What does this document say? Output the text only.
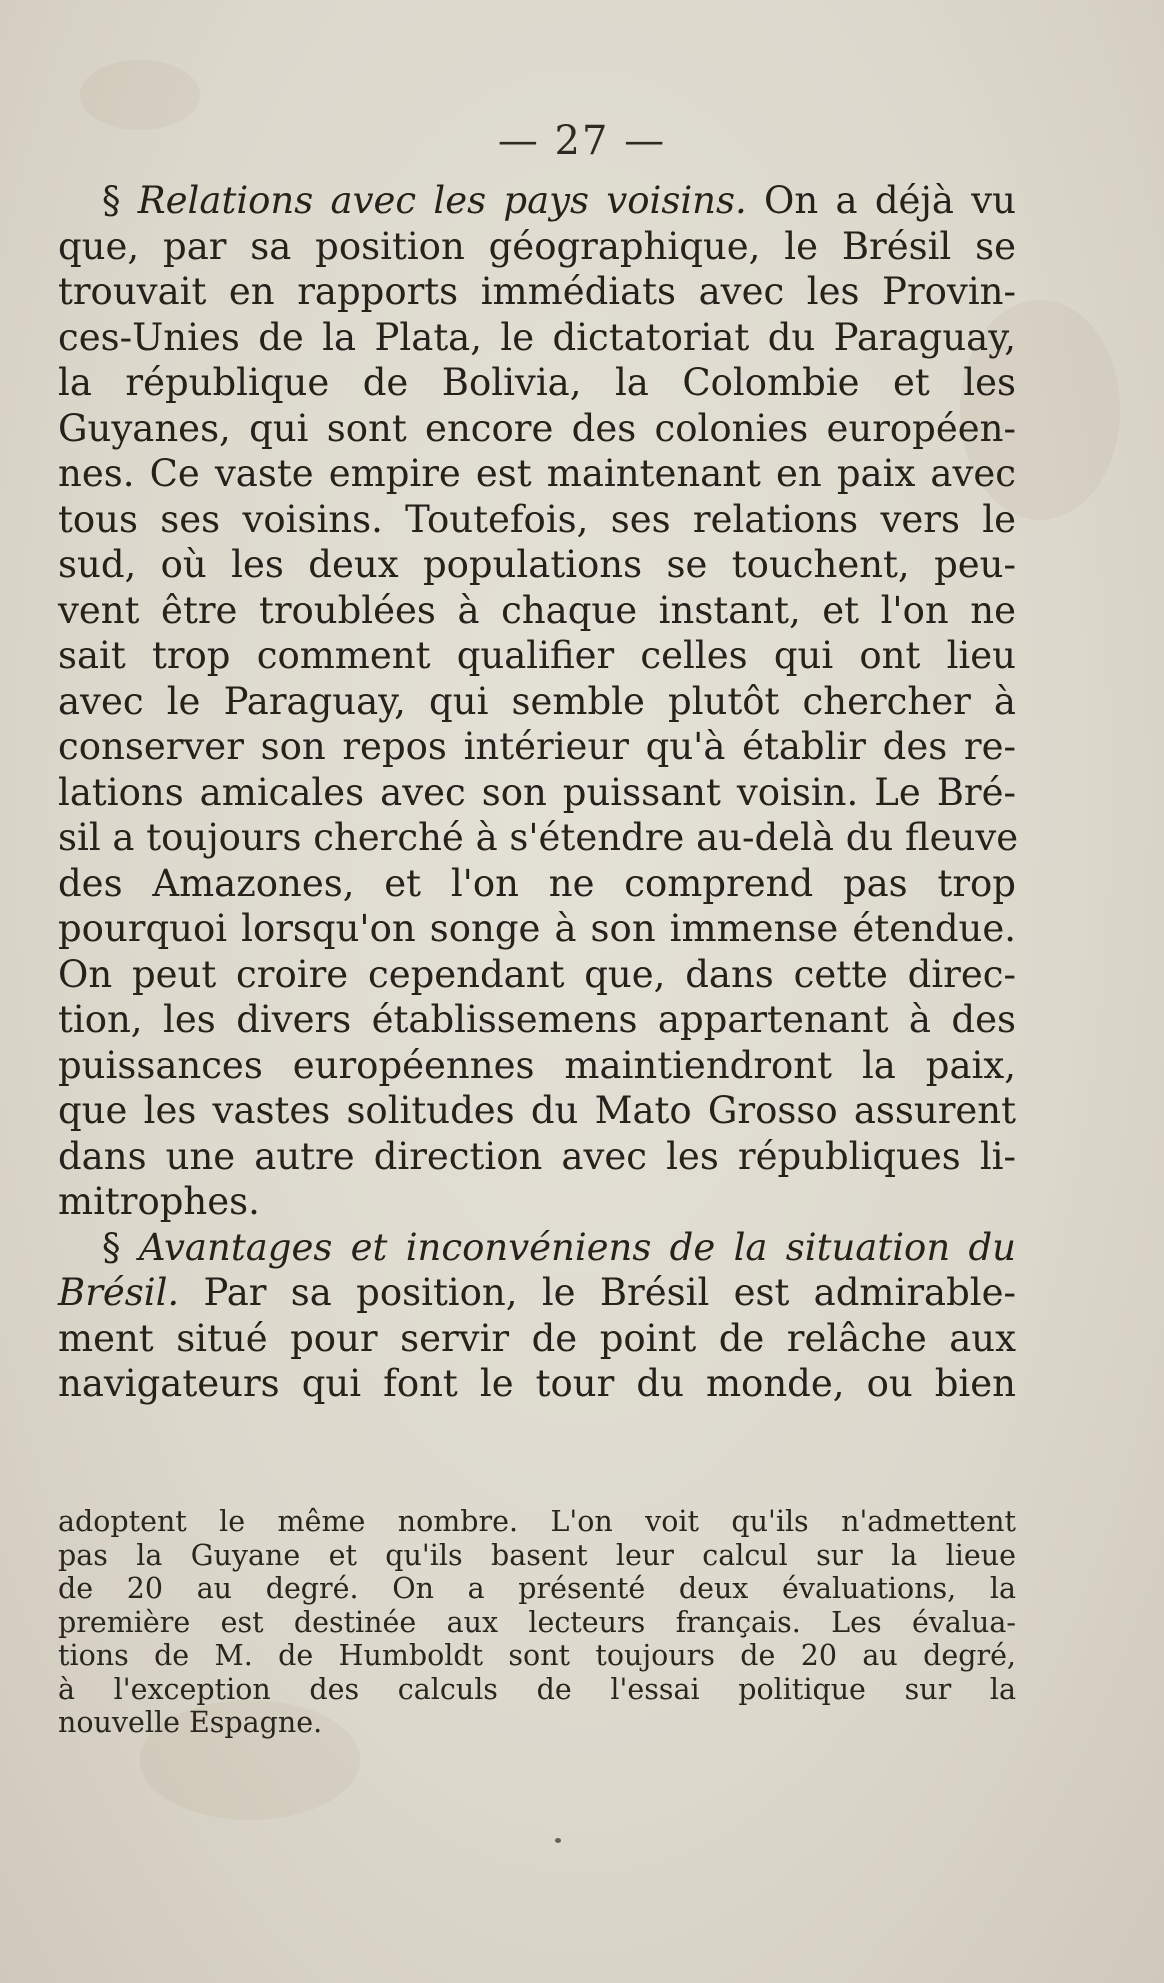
— 27 —
§ Relations avec les pays voisins. On a déjà vu
que, par sa position géographique, le Brésil se
trouvait en rapports immédiats avec les Provin-
ces-Unies de la Plata, le dictatoriat du Paraguay,
la république de Bolivia, la Colombie et les
Guyanes, qui sont encore des colonies européen-
nes. Ce vaste empire est maintenant en paix avec
tous ses voisins. Toutefois, ses relations vers le
sud, où les deux populations se touchent, peu-
vent être troublées à chaque instant, et l'on ne
sait trop comment qualifier celles qui ont lieu
avec le Paraguay, qui semble plutôt chercher à
conserver son repos intérieur qu'à établir des re-
lations amicales avec son puissant voisin. Le Bré-
sil a toujours cherché à s'étendre au-delà du fleuve
des Amazones, et l'on ne comprend pas trop
pourquoi lorsqu'on songe à son immense étendue.
On peut croire cependant que, dans cette direc-
tion, les divers établissemens appartenant à des
puissances européennes maintiendront la paix,
que les vastes solitudes du Mato Grosso assurent
dans une autre direction avec les républiques li-
mitrophes.
§ Avantages et inconvéniens de la situation du
Brésil. Par sa position, le Brésil est admirable-
ment situé pour servir de point de relâche aux
navigateurs qui font le tour du monde, ou bien
adoptent le même nombre. L'on voit qu'ils n'admettent
pas la Guyane et qu'ils basent leur calcul sur la lieue
de 20 au degré. On a présenté deux évaluations, la
première est destinée aux lecteurs français. Les évalua-
tions de M. de Humboldt sont toujours de 20 au degré,
à l'exception des calculs de l'essai politique sur la
nouvelle Espagne.
